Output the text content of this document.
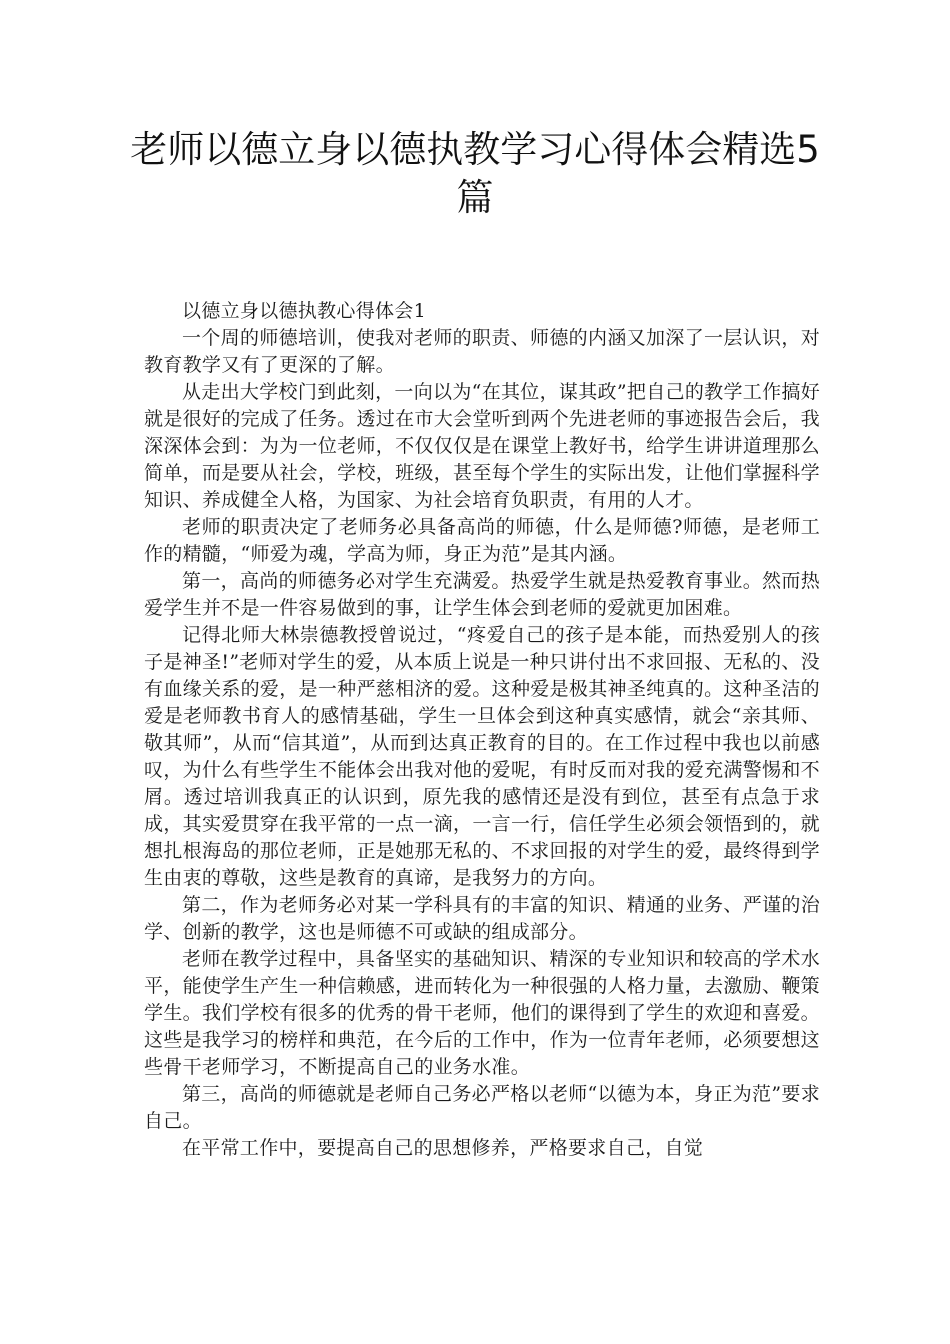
老师以德立身以德执教学习心得体会精选5篇

以德立身以德执教心得体会1

一个周的师德培训，使我对老师的职责、师德的内涵又加深了一层认识，对教育教学又有了更深的了解。

从走出大学校门到此刻，一向以为“在其位，谋其政”把自己的教学工作搞好就是很好的完成了任务。透过在市大会堂听到两个先进老师的事迹报告会后，我深深体会到：为为一位老师，不仅仅仅是在课堂上教好书，给学生讲讲道理那么简单，而是要从社会，学校，班级，甚至每个学生的实际出发，让他们掌握科学知识、养成健全人格，为国家、为社会培育负职责，有用的人才。

老师的职责决定了老师务必具备高尚的师德，什么是师德?师德，是老师工作的精髓，“师爱为魂，学高为师，身正为范”是其内涵。

第一，高尚的师德务必对学生充满爱。热爱学生就是热爱教育事业。然而热爱学生并不是一件容易做到的事，让学生体会到老师的爱就更加困难。

记得北师大林崇德教授曾说过，“疼爱自己的孩子是本能，而热爱别人的孩子是神圣!”老师对学生的爱，从本质上说是一种只讲付出不求回报、无私的、没有血缘关系的爱，是一种严慈相济的爱。这种爱是极其神圣纯真的。这种圣洁的爱是老师教书育人的感情基础，学生一旦体会到这种真实感情，就会“亲其师、敬其师”，从而“信其道”，从而到达真正教育的目的。在工作过程中我也以前感叹，为什么有些学生不能体会出我对他的爱呢，有时反而对我的爱充满警惕和不屑。透过培训我真正的认识到，原先我的感情还是没有到位，甚至有点急于求成，其实爱贯穿在我平常的一点一滴，一言一行，信任学生必须会领悟到的，就想扎根海岛的那位老师，正是她那无私的、不求回报的对学生的爱，最终得到学生由衷的尊敬，这些是教育的真谛，是我努力的方向。

第二，作为老师务必对某一学科具有的丰富的知识、精通的业务、严谨的治学、创新的教学，这也是师德不可或缺的组成部分。

老师在教学过程中，具备坚实的基础知识、精深的专业知识和较高的学术水平，能使学生产生一种信赖感，进而转化为一种很强的人格力量，去激励、鞭策学生。我们学校有很多的优秀的骨干老师，他们的课得到了学生的欢迎和喜爱。这些是我学习的榜样和典范，在今后的工作中，作为一位青年老师，必须要想这些骨干老师学习，不断提高自己的业务水准。

第三，高尚的师德就是老师自己务必严格以老师“以德为本，身正为范”要求自己。

在平常工作中，要提高自己的思想修养，严格要求自己，自觉
